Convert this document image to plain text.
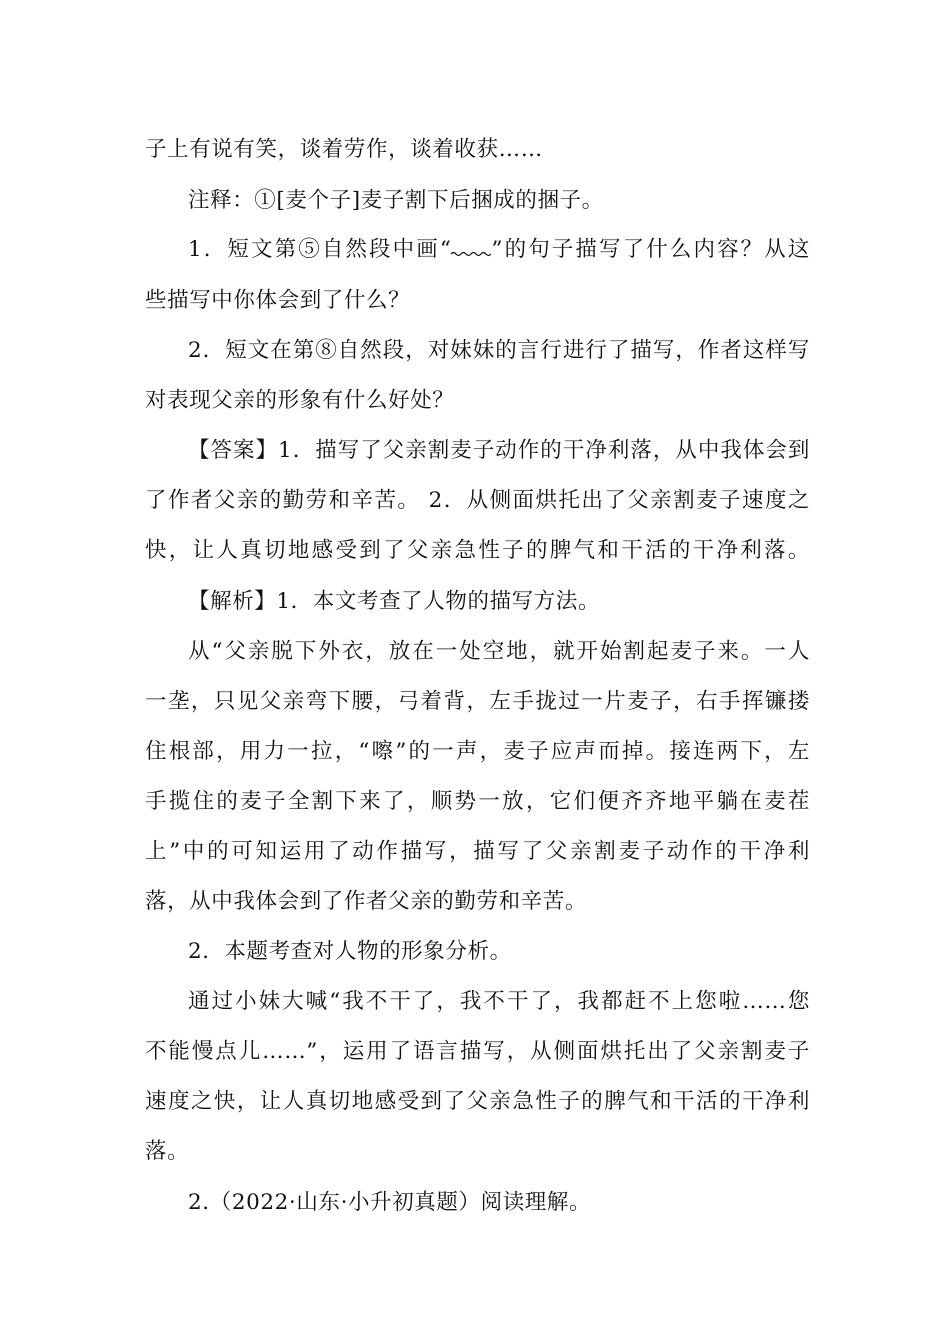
子上有说有笑，谈着劳作，谈着收获……
注释：①[麦个子]麦子割下后捆成的捆子。
1．短文第⑤自然段中画“ ”的句子描写了什么内容？从这
些描写中你体会到了什么？
2．短文在第⑧自然段，对妹妹的言行进行了描写，作者这样写
对表现父亲的形象有什么好处？
【答案】1．描写了父亲割麦子动作的干净利落，从中我体会到
了作者父亲的勤劳和辛苦。 2．从侧面烘托出了父亲割麦子速度之
快，让人真切地感受到了父亲急性子的脾气和干活的干净利落。
【解析】1．本文考查了人物的描写方法。
从“父亲脱下外衣，放在一处空地，就开始割起麦子来。一人
一垄，只见父亲弯下腰，弓着背，左手拢过一片麦子，右手挥镰搂
住根部，用力一拉，“嚓”的一声，麦子应声而掉。接连两下，左
手揽住的麦子全割下来了，顺势一放，它们便齐齐地平躺在麦茬
上”中的可知运用了动作描写，描写了父亲割麦子动作的干净利
落，从中我体会到了作者父亲的勤劳和辛苦。
2．本题考查对人物的形象分析。
通过小妹大喊“我不干了，我不干了，我都赶不上您啦……您
不能慢点儿……”，运用了语言描写，从侧面烘托出了父亲割麦子
速度之快，让人真切地感受到了父亲急性子的脾气和干活的干净利
落。
2.（2022·山东·小升初真题）阅读理解。
